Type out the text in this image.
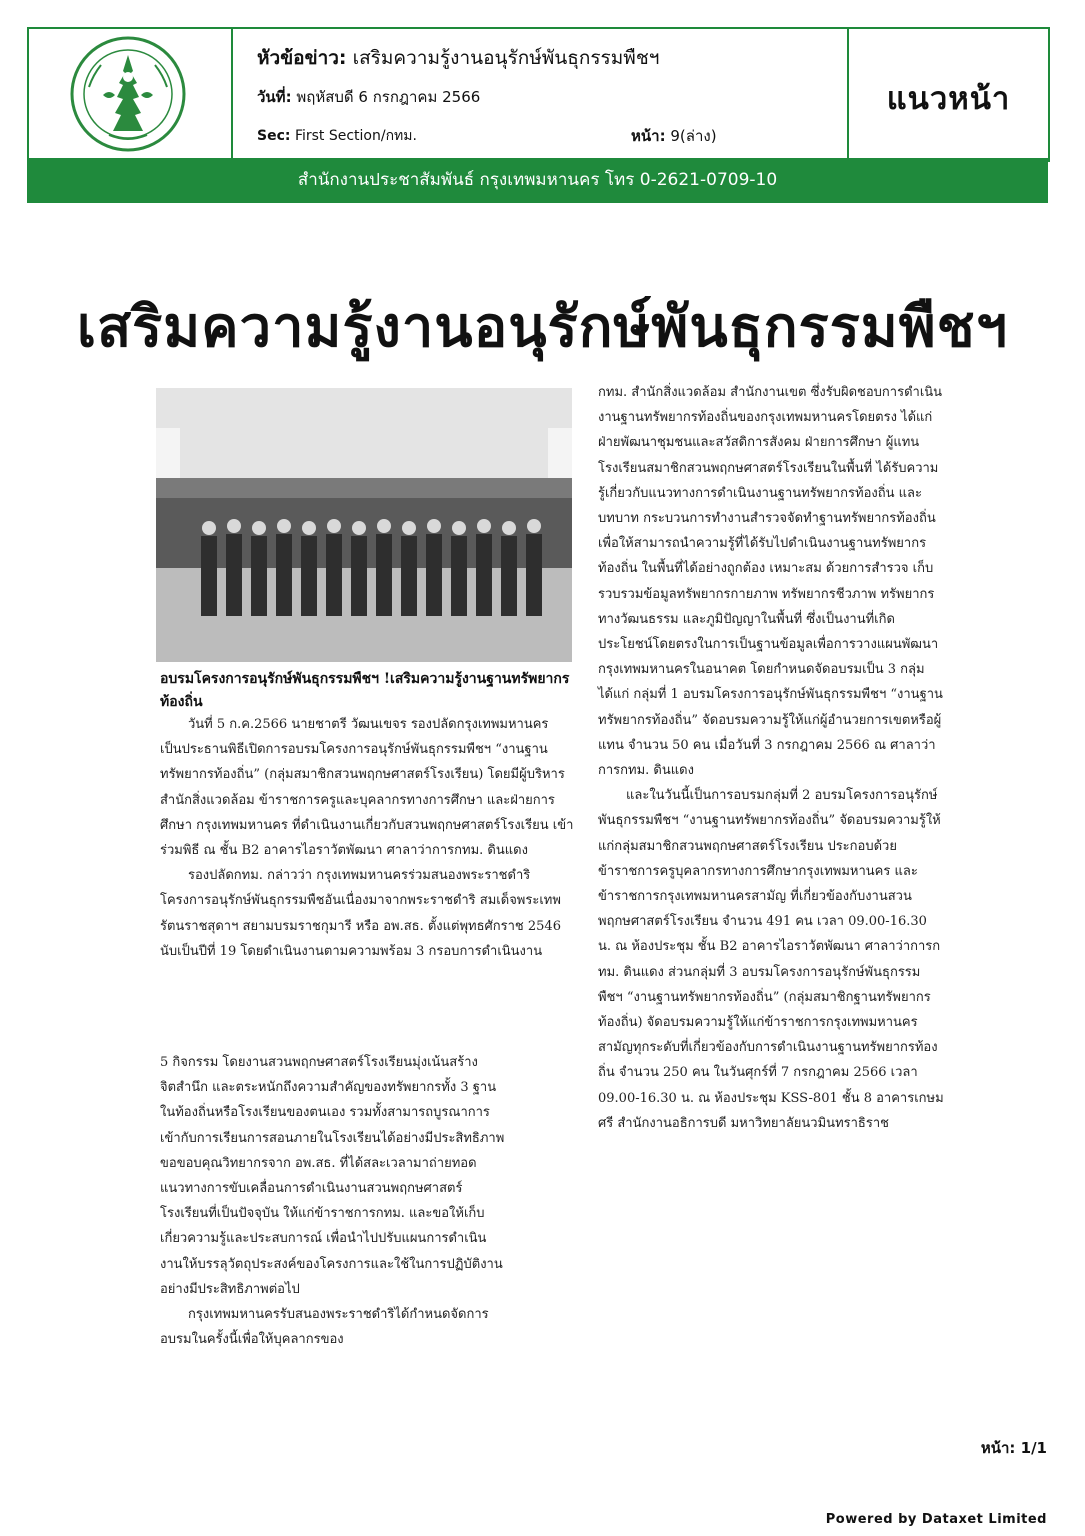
หัวข้อข่าว: เสริมความรู้งานอนุรักษ์พันธุกรรมพืชฯ
วันที่: พฤหัสบดี 6 กรกฎาคม 2566
Sec: First Section/กทม.	หน้า: 9(ล่าง)
แนวหน้า
สำนักงานประชาสัมพันธ์ กรุงเทพมหานคร โทร 0-2621-0709-10
เสริมความรู้งานอนุรักษ์พันธุกรรมพืชฯ
อบรมโครงการอนุรักษ์พันธุกรรมพืชฯ !เสริมความรู้งานฐานทรัพยากรท้องถิ่น

วันที่ 5 ก.ค.2566 นายชาตรี วัฒนเขจร รองปลัดกรุงเทพมหานคร เป็นประธานพิธีเปิดการอบรมโครงการอนุรักษ์พันธุกรรมพืชฯ “งานฐานทรัพยากรท้องถิ่น” (กลุ่มสมาชิกสวนพฤกษศาสตร์โรงเรียน) โดยมีผู้บริหารสำนักสิ่งแวดล้อม ข้าราชการครูและบุคลากรทางการศึกษา และฝ่ายการศึกษา กรุงเทพมหานคร ที่ดำเนินงานเกี่ยวกับสวนพฤกษศาสตร์โรงเรียน เข้าร่วมพิธี ณ ชั้น B2 อาคารไอราวัตพัฒนา ศาลาว่าการกทม. ดินแดง

รองปลัดกทม. กล่าวว่า กรุงเทพมหานครร่วมสนองพระราชดำริโครงการอนุรักษ์พันธุกรรมพืชอันเนื่องมาจากพระราชดำริ สมเด็จพระเทพรัตนราชสุดาฯ สยามบรมราชกุมารี หรือ อพ.สธ. ตั้งแต่พุทธศักราช 2546 นับเป็นปีที่ 19 โดยดำเนินงานตามความพร้อม 3 กรอบการดำเนินงาน

5 กิจกรรม โดยงานสวนพฤกษศาสตร์โรงเรียนมุ่งเน้นสร้างจิตสำนึก และตระหนักถึงความสำคัญของทรัพยากรทั้ง 3 ฐานในท้องถิ่นหรือโรงเรียนของตนเอง รวมทั้งสามารถบูรณาการเข้ากับการเรียนการสอนภายในโรงเรียนได้อย่างมีประสิทธิภาพ ขอขอบคุณวิทยากรจาก อพ.สธ. ที่ได้สละเวลามาถ่ายทอดแนวทางการขับเคลื่อนการดำเนินงานสวนพฤกษศาสตร์โรงเรียนที่เป็นปัจจุบัน ให้แก่ข้าราชการกทม. และขอให้เก็บเกี่ยวความรู้และประสบการณ์ เพื่อนำไปปรับแผนการดำเนินงานให้บรรลุวัตถุประสงค์ของโครงการและใช้ในการปฏิบัติงานอย่างมีประสิทธิภาพต่อไป

กรุงเทพมหานครรับสนองพระราชดำริได้กำหนดจัดการอบรมในครั้งนี้เพื่อให้บุคลากรของ

กทม. สำนักสิ่งแวดล้อม สำนักงานเขต ซึ่งรับผิดชอบการดำเนินงานฐานทรัพยากรท้องถิ่นของกรุงเทพมหานครโดยตรง ได้แก่ ฝ่ายพัฒนาชุมชนและสวัสดิการสังคม ฝ่ายการศึกษา ผู้แทนโรงเรียนสมาชิกสวนพฤกษศาสตร์โรงเรียนในพื้นที่ ได้รับความรู้เกี่ยวกับแนวทางการดำเนินงานฐานทรัพยากรท้องถิ่น และบทบาท กระบวนการทำงานสำรวจจัดทำฐานทรัพยากรท้องถิ่น เพื่อให้สามารถนำความรู้ที่ได้รับไปดำเนินงานฐานทรัพยากรท้องถิ่น ในพื้นที่ได้อย่างถูกต้อง เหมาะสม ด้วยการสำรวจ เก็บรวบรวมข้อมูลทรัพยากรกายภาพ ทรัพยากรชีวภาพ ทรัพยากรทางวัฒนธรรม และภูมิปัญญาในพื้นที่ ซึ่งเป็นงานที่เกิดประโยชน์โดยตรงในการเป็นฐานข้อมูลเพื่อการวางแผนพัฒนากรุงเทพมหานครในอนาคต โดยกำหนดจัดอบรมเป็น 3 กลุ่ม ได้แก่ กลุ่มที่ 1 อบรมโครงการอนุรักษ์พันธุกรรมพืชฯ “งานฐานทรัพยากรท้องถิ่น” จัดอบรมความรู้ให้แก่ผู้อำนวยการเขตหรือผู้แทน จำนวน 50 คน เมื่อวันที่ 3 กรกฎาคม 2566 ณ ศาลาว่าการกทม. ดินแดง

และในวันนี้เป็นการอบรมกลุ่มที่ 2 อบรมโครงการอนุรักษ์พันธุกรรมพืชฯ “งานฐานทรัพยากรท้องถิ่น” จัดอบรมความรู้ให้แก่กลุ่มสมาชิกสวนพฤกษศาสตร์โรงเรียน ประกอบด้วย ข้าราชการครูบุคลากรทางการศึกษากรุงเทพมหานคร และข้าราชการกรุงเทพมหานครสามัญ ที่เกี่ยวข้องกับงานสวนพฤกษศาสตร์โรงเรียน จำนวน 491 คน เวลา 09.00-16.30 น. ณ ห้องประชุม ชั้น B2 อาคารไอราวัตพัฒนา ศาลาว่าการกทม. ดินแดง ส่วนกลุ่มที่ 3 อบรมโครงการอนุรักษ์พันธุกรรมพืชฯ “งานฐานทรัพยากรท้องถิ่น” (กลุ่มสมาชิกฐานทรัพยากรท้องถิ่น) จัดอบรมความรู้ให้แก่ข้าราชการกรุงเทพมหานครสามัญทุกระดับที่เกี่ยวข้องกับการดำเนินงานฐานทรัพยากรท้องถิ่น จำนวน 250 คน ในวันศุกร์ที่ 7 กรกฎาคม 2566 เวลา 09.00-16.30 น. ณ ห้องประชุม KSS-801 ชั้น 8 อาคารเกษมศรี สำนักงานอธิการบดี มหาวิทยาลัยนวมินทราธิราช

หน้า: 1/1
Powered by Dataxet Limited
